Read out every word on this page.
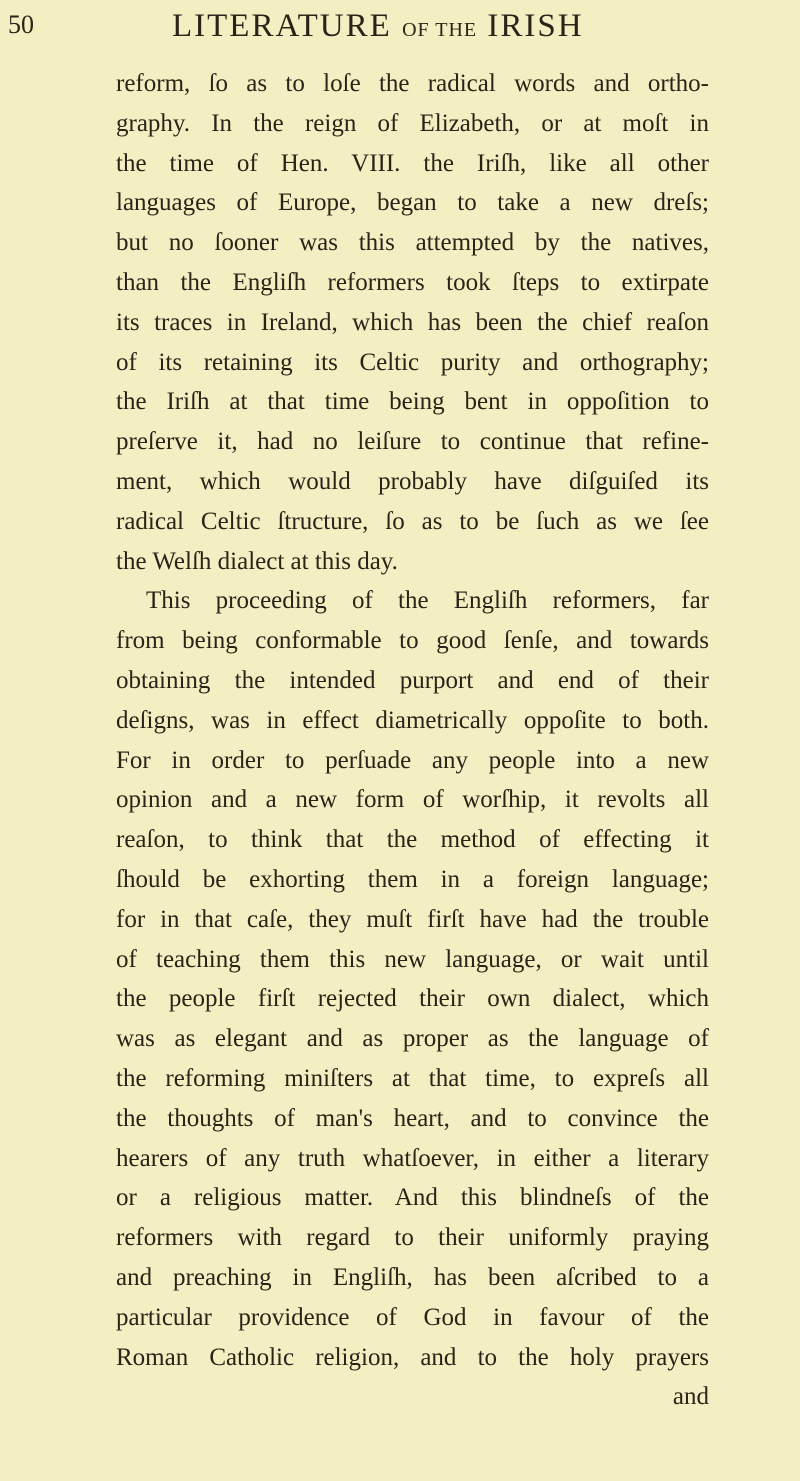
50	LITERATURE OF THE IRISH
reform, ſo as to loſe the radical words and ortho-
graphy. In the reign of Elizabeth, or at moſt in
the time of Hen. VIII. the Iriſh, like all other
languages of Europe, began to take a new dreſs;
but no ſooner was this attempted by the natives,
than the Engliſh reformers took ſteps to extirpate
its traces in Ireland, which has been the chief reaſon
of its retaining its Celtic purity and orthography;
the Iriſh at that time being bent in oppoſition to
preſerve it, had no leiſure to continue that refine-
ment, which would probably have diſguiſed its
radical Celtic ſtructure, ſo as to be ſuch as we ſee
the Welſh dialect at this day.
This proceeding of the Engliſh reformers, far
from being conformable to good ſenſe, and towards
obtaining the intended purport and end of their
deſigns, was in effect diametrically oppoſite to both.
For in order to perſuade any people into a new
opinion and a new form of worſhip, it revolts all
reaſon, to think that the method of effecting it
ſhould be exhorting them in a foreign language;
for in that caſe, they muſt firſt have had the trouble
of teaching them this new language, or wait until
the people firſt rejected their own dialect, which
was as elegant and as proper as the language of
the reforming miniſters at that time, to expreſs all
the thoughts of man's heart, and to convince the
hearers of any truth whatſoever, in either a literary
or a religious matter. And this blindneſs of the
reformers with regard to their uniformly praying
and preaching in Engliſh, has been aſcribed to a
particular providence of God in favour of the
Roman Catholic religion, and to the holy prayers
and
